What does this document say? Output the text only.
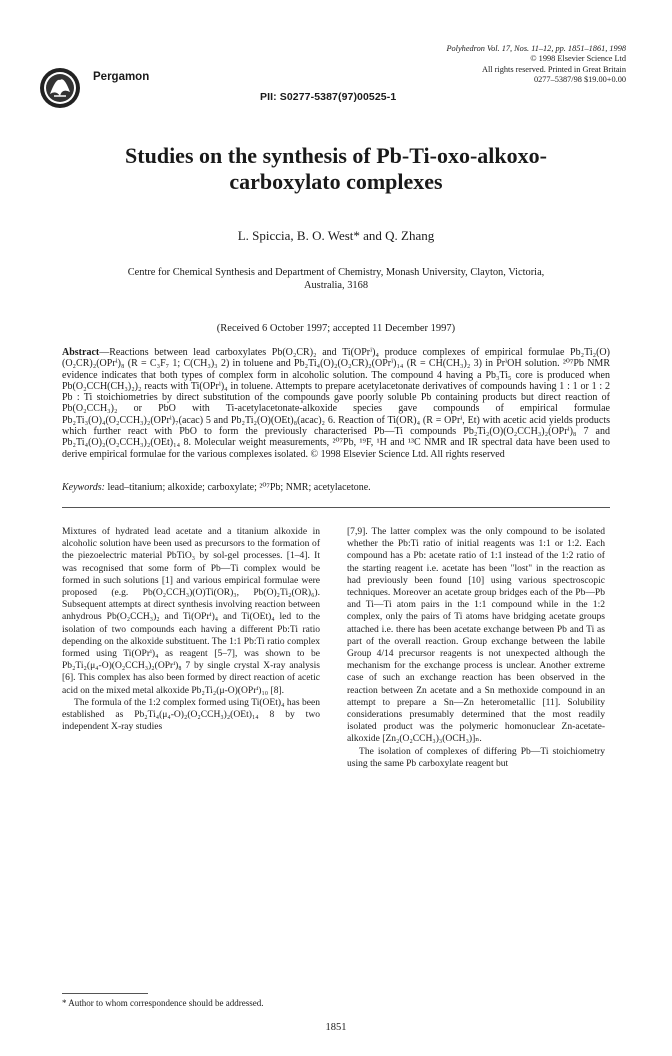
Pergamon
PII: S0277-5387(97)00525-1
Polyhedron Vol. 17, Nos. 11–12, pp. 1851–1861, 1998
© 1998 Elsevier Science Ltd
All rights reserved. Printed in Great Britain
0277–5387/98 $19.00+0.00
Studies on the synthesis of Pb-Ti-oxo-alkoxo-
carboxylato complexes
L. Spiccia, B. O. West* and Q. Zhang
Centre for Chemical Synthesis and Department of Chemistry, Monash University, Clayton, Victoria,
Australia, 3168
(Received 6 October 1997; accepted 11 December 1997)
Abstract—Reactions between lead carboxylates Pb(O₂CR)₂ and Ti(OPrⁱ)₄ produce complexes of empirical formulae Pb₂Ti₂(O)(O₂CR)₂(OPrⁱ)₈ (R = C₃F₇ 1; C(CH₃)₃ 2) in toluene and Pb₂Ti₄(O)₂(O₂CR)₂(OPrⁱ)₁₄ (R = CH(CH₃)₂ 3) in PrⁱOH solution. ²⁰⁷Pb NMR evidence indicates that both types of complex form in alcoholic solution. The compound 4 having a Pb₃Ti₅ core is produced when Pb(O₂CCH(CH₃)₂)₂ reacts with Ti(OPrⁱ)₄ in toluene. Attempts to prepare acetylacetonate derivatives of compounds having 1 : 1 or 1 : 2 Pb : Ti stoichiometries by direct substitution of the compounds gave poorly soluble Pb containing products but direct reaction of Pb(O₂CCH₃)₂ or PbO with Ti-acetylacetonate-alkoxide species gave compounds of empirical formulae Pb₂Ti₃(O)₄(O₂CCH₃)₂(OPrⁱ)₇(acac) 5 and Pb₂Ti₂(O)(OEt)₈(acac)₂ 6. Reaction of Ti(OR)₄ (R = OPrⁱ, Et) with acetic acid yields products which further react with PbO to form the previously characterised Pb—Ti compounds Pb₂Ti₂(O)(O₂CCH₃)₂(OPrⁱ)₈ 7 and Pb₂Ti₄(O)₂(O₂CCH₃)₂(OEt)₁₄ 8. Molecular weight measurements, ²⁰⁷Pb, ¹⁹F, ¹H and ¹³C NMR and IR spectral data have been used to derive empirical formulae for the various complexes isolated. © 1998 Elsevier Science Ltd. All rights reserved
Keywords: lead–titanium; alkoxide; carboxylate; ²⁰⁷Pb; NMR; acetylacetone.

Mixtures of hydrated lead acetate and a titanium alkoxide in alcoholic solution have been used as precursors to the formation of the piezoelectric material PbTiO₃ by sol-gel processes. [1–4]. It was recognised that some form of Pb—Ti complex would be formed in such solutions [1] and various empirical formulae were proposed (e.g. Pb(O₂CCH₃)(O)Ti(OR)₃, Pb(O)₂Ti₂(OR)₆). Subsequent attempts at direct synthesis involving reaction between anhydrous Pb(O₂CCH₃)₂ and Ti(OPrⁱ)₄ and Ti(OEt)₄ led to the isolation of two compounds each having a different Pb:Ti ratio depending on the alkoxide substituent. The 1:1 Pb:Ti ratio complex formed using Ti(OPrⁱ)₄ as reagent [5–7], was shown to be Pb₂Ti₂(μ₄-O)(O₂CCH₃)₂(OPrⁱ)₈ 7 by single crystal X-ray analysis [6]. This complex has also been formed by direct reaction of acetic acid on the mixed metal alkoxide Pb₂Ti₂(μ-O)(OPrⁱ)₁₀ [8].

The formula of the 1:2 complex formed using Ti(OEt)₄ has been established as Pb₂Ti₄(μ₄-O)₂(O₂CCH₃)₂(OEt)₁₄ 8 by two independent X-ray studies

[7,9]. The latter complex was the only compound to be isolated whether the Pb:Ti ratio of initial reagents was 1:1 or 1:2. Each compound has a Pb: acetate ratio of 1:1 instead of the 1:2 ratio of the starting reagent i.e. acetate has been "lost" in the reaction as had previously been found [10] using various spectroscopic techniques. Moreover an acetate group bridges each of the Pb—Pb and Ti—Ti atom pairs in the 1:1 compound while in the 1:2 complex, only the pairs of Ti atoms have bridging acetate groups attached i.e. there has been acetate exchange between Pb and Ti as part of the overall reaction. Group exchange between the labile Group 4/14 precursor reagents is not unexpected although the mechanism for the exchange process is unclear. Another extreme case of such an exchange reaction has been observed in the reaction between Zn acetate and a Sn methoxide compound in an attempt to prepare a Sn—Zn heterometallic [11]. Solubility considerations presumably determined that the most readily isolated product was the polymeric homonuclear Zn-acetate-alkoxide [Zn₂(O₂CCH₃)₃(OCH₃)]ₙ.

The isolation of complexes of differing Pb—Ti stoichiometry using the same Pb carboxylate reagent but

* Author to whom correspondence should be addressed.
1851
